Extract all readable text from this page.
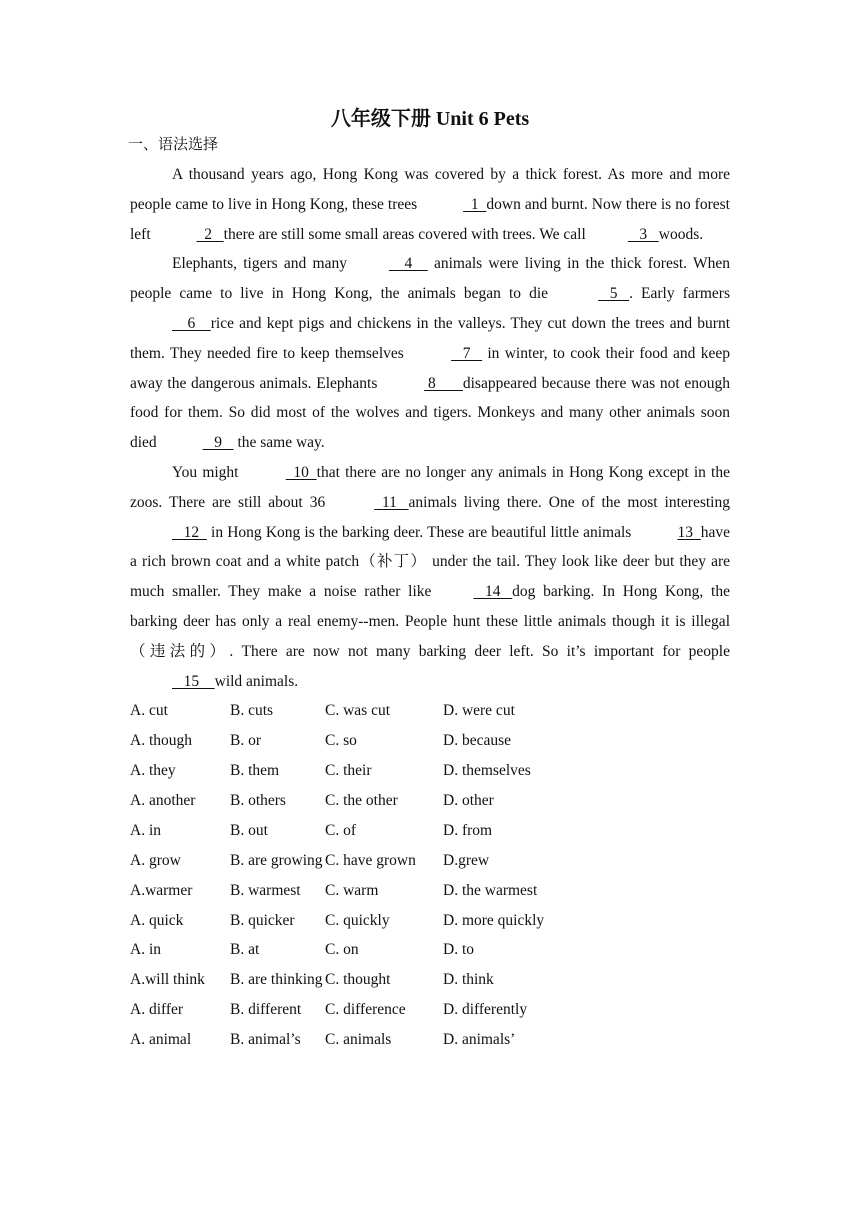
八年级下册 Unit 6 Pets
一、语法选择

A thousand years ago, Hong Kong was covered by a thick forest. As more and more people came to live in Hong Kong, these trees	1  down and burnt. Now there is no forest left	2   there are still some small areas covered with trees. We call	3   woods.

Elephants, tigers and many	4     animals were living in the thick forest. When people came to live in Hong Kong, the animals began to die	5   . Early farmers    6    rice and kept pigs and chickens in the valleys. They cut down the trees and burnt them. They needed fire to keep themselves	7    in winter, to cook their food and keep away the dangerous animals. Elephants	8       disappeared because there was not enough food for them. So did most of the wolves and tigers. Monkeys and many other animals soon died	9    the same way.

You might	10  that there are no longer any animals in Hong Kong except in the zoos. There are still about 36	11   animals living there. One of the most interesting   12   in Hong Kong is the barking deer. These are beautiful little animals	13  have a rich brown coat and a white patch（补丁） under the tail. They look like deer but they are much smaller. They make a noise rather like	14   dog barking. In Hong Kong, the barking deer has only a real enemy--men. People hunt these little animals though it is illegal（违法的）. There are now not many barking deer left. So it’s important for people   15    wild animals.

A. cut	B. cuts	C. was cut	D. were cut
A. though	B. or	C. so	D. because
A. they	B. them	C. their	D. themselves
A. another	B. others	C. the other	D. other
A. in	B. out	C. of	D. from
A. grow	B. are growing C. have grown	D.grew
A.warmer	B. warmest	C. warm	D. the warmest
A. quick	B. quicker	C. quickly	D. more quickly
A. in	B. at	C. on	D. to
A.will think	B. are thinking C. thought	D. think
A. differ	B. different	C. difference	D. differently
A. animal	B. animal’s	C. animals	D. animals’
